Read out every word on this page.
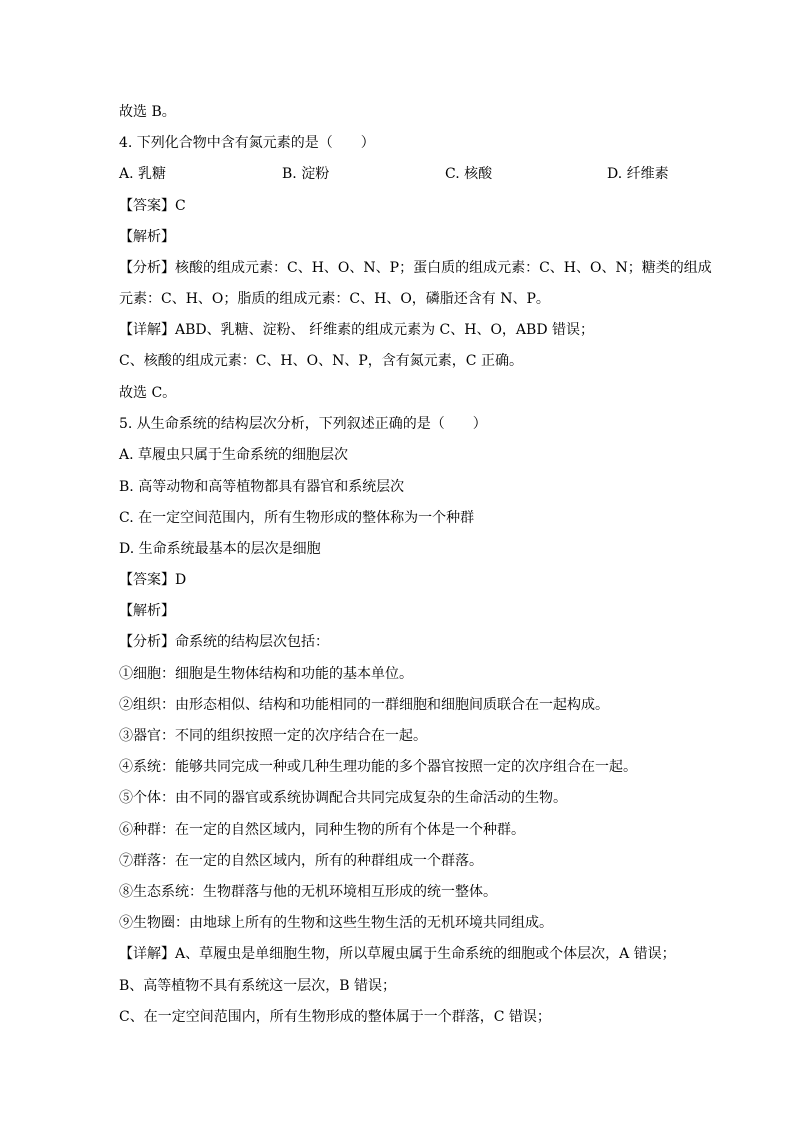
故选 B。
4. 下列化合物中含有氮元素的是（　　）
A. 乳糖	B. 淀粉	C. 核酸	D. 纤维素
【答案】C
【解析】
【分析】核酸的组成元素：C、H、O、N、P；蛋白质的组成元素：C、H、O、N；糖类的组成
元素：C、H、O；脂质的组成元素：C、H、O，磷脂还含有 N、P。
【详解】ABD、乳糖、淀粉、 纤维素的组成元素为 C、H、O，ABD 错误；
C、核酸的组成元素：C、H、O、N、P，含有氮元素，C 正确。
故选 C。
5. 从生命系统的结构层次分析，下列叙述正确的是（　　）
A. 草履虫只属于生命系统的细胞层次
B. 高等动物和高等植物都具有器官和系统层次
C. 在一定空间范围内，所有生物形成的整体称为一个种群
D. 生命系统最基本的层次是细胞
【答案】D
【解析】
【分析】命系统的结构层次包括：
①细胞：细胞是生物体结构和功能的基本单位。
②组织：由形态相似、结构和功能相同的一群细胞和细胞间质联合在一起构成。
③器官：不同的组织按照一定的次序结合在一起。
④系统：能够共同完成一种或几种生理功能的多个器官按照一定的次序组合在一起。
⑤个体：由不同的器官或系统协调配合共同完成复杂的生命活动的生物。
⑥种群：在一定的自然区域内，同种生物的所有个体是一个种群。
⑦群落：在一定的自然区域内，所有的种群组成一个群落。
⑧生态系统：生物群落与他的无机环境相互形成的统一整体。
⑨生物圈：由地球上所有的生物和这些生物生活的无机环境共同组成。
【详解】A、草履虫是单细胞生物，所以草履虫属于生命系统的细胞或个体层次，A 错误；
B、高等植物不具有系统这一层次，B 错误；
C、在一定空间范围内，所有生物形成的整体属于一个群落，C 错误；
